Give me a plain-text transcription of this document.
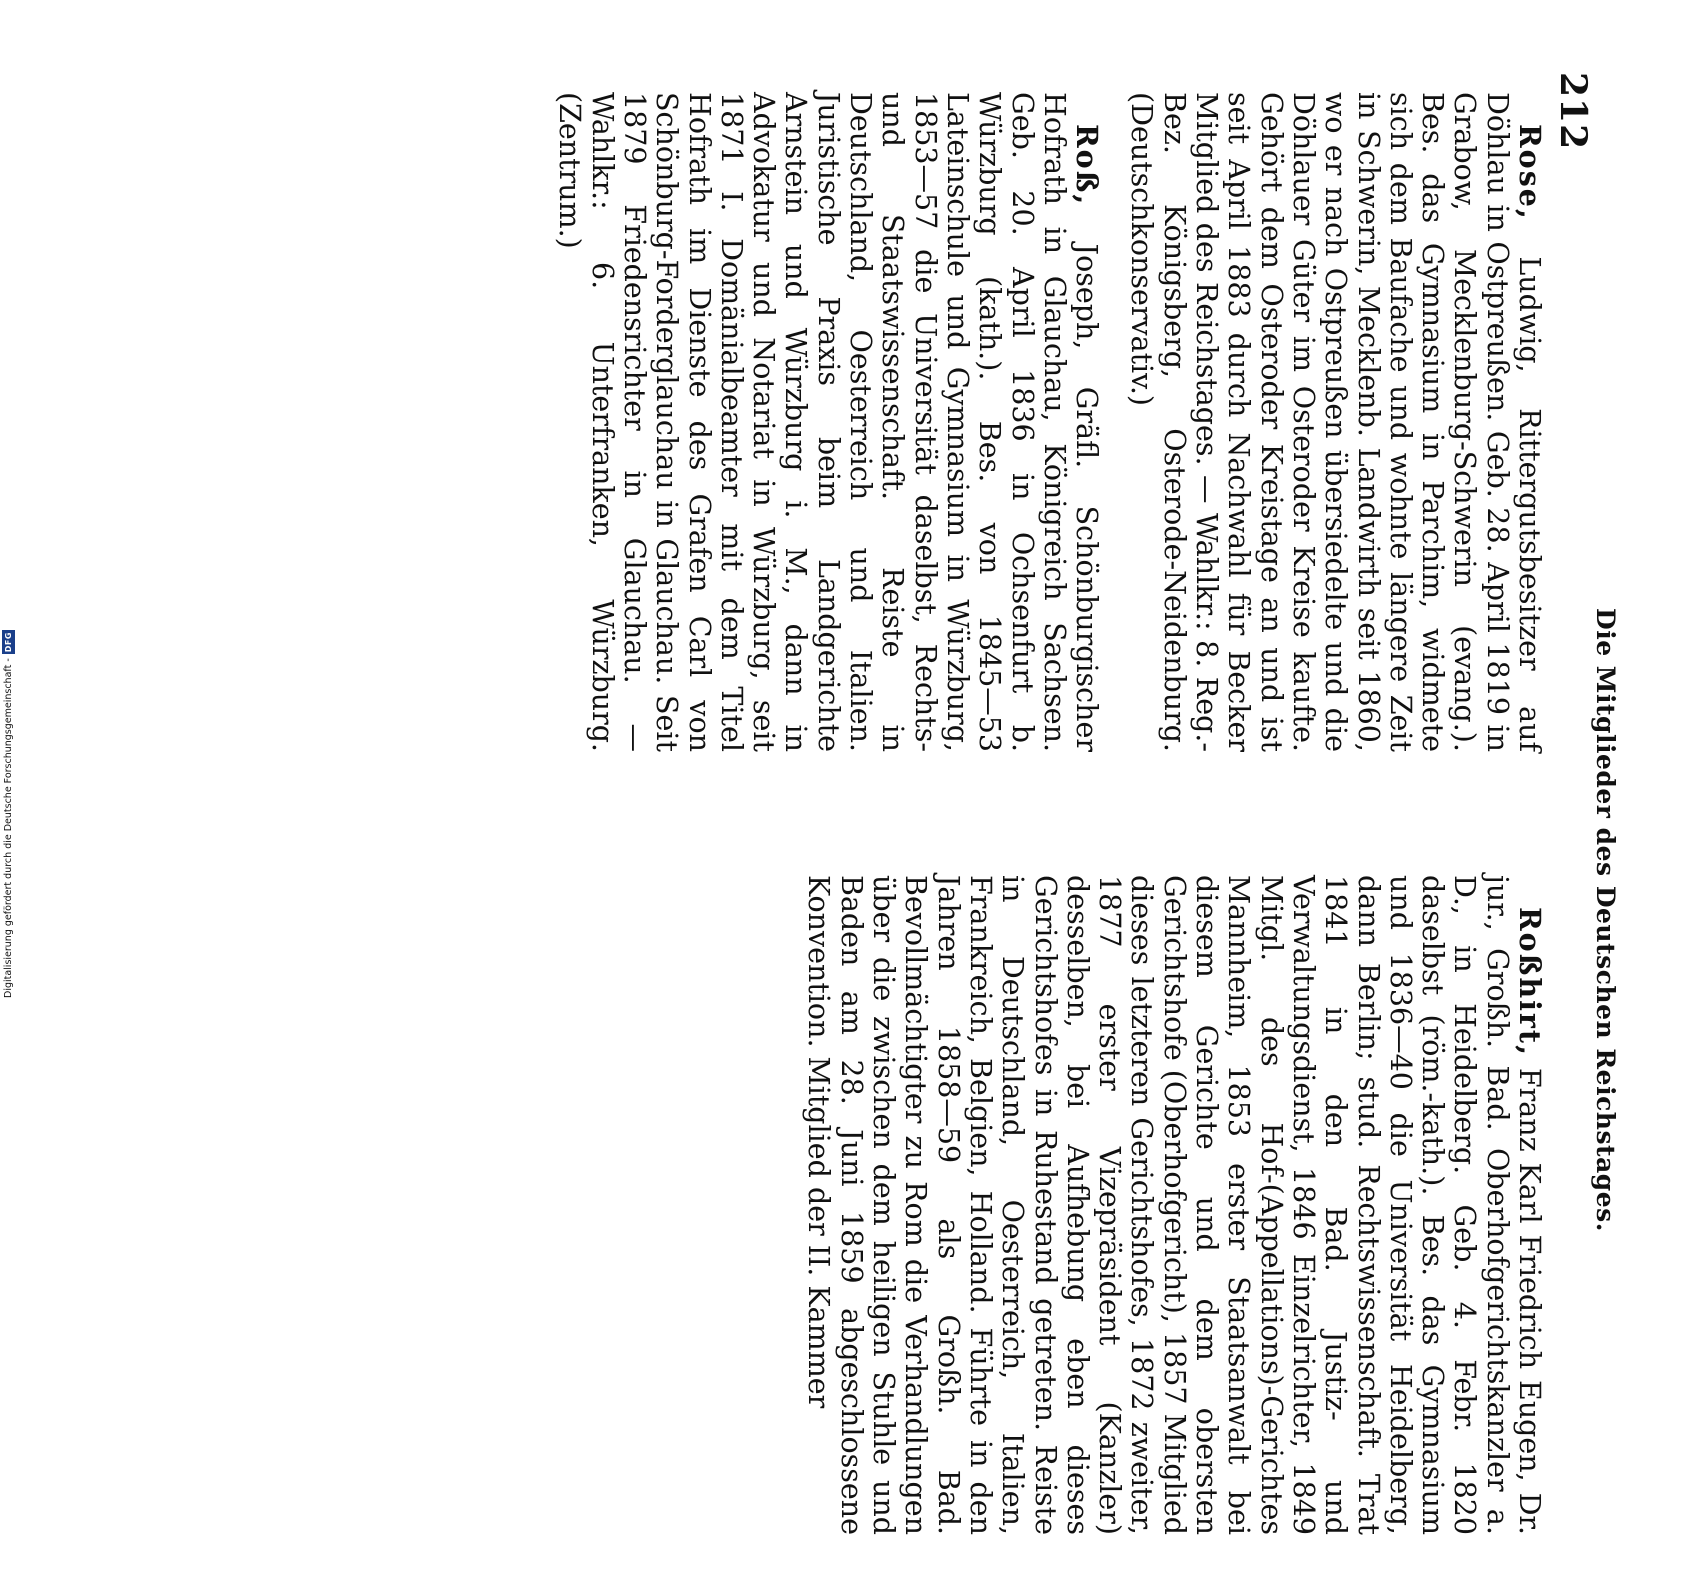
212
Die Mitglieder des Deutschen Reichstages.

Rose, Ludwig, Rittergutsbesitzer auf Döhlau in Ostpreußen. Geb. 28. April 1819 in Grabow, Mecklenburg-Schwerin (evang.). Bes. das Gymnasium in Parchim, widmete sich dem Baufache und wohnte längere Zeit in Schwerin, Mecklenb. Landwirth seit 1860, wo er nach Ostpreußen übersiedelte und die Döhlauer Güter im Osteroder Kreise kaufte. Gehört dem Osteroder Kreistage an und ist seit April 1883 durch Nachwahl für Becker Mitglied des Reichstages. — Wahlkr.: 8. Reg.-Bez. Königsberg, Osterode-Neidenburg. (Deutschkonservativ.)

Roß, Joseph, Gräfl. Schönburgischer Hofrath in Glauchau, Königreich Sachsen. Geb. 20. April 1836 in Ochsenfurt b. Würzburg (kath.). Bes. von 1845—53 Lateinschule und Gymnasium in Würzburg, 1853—57 die Universität daselbst, Rechts- und Staatswissenschaft. Reiste in Deutschland, Oesterreich und Italien. Juristische Praxis beim Landgerichte Arnstein und Würzburg i. M., dann in Advokatur und Notariat in Würzburg, seit 1871 I. Domänialbeamter mit dem Titel Hofrath im Dienste des Grafen Carl von Schönburg-Forderglauchau in Glauchau. Seit 1879 Friedensrichter in Glauchau. — Wahlkr.: 6. Unterfranken, Würzburg. (Zentrum.)

Roßhirt, Franz Karl Friedrich Eugen, Dr. jur., Großh. Bad. Oberhofgerichtskanzler a. D., in Heidelberg. Geb. 4. Febr. 1820 daselbst (röm.-kath.). Bes. das Gymnasium und 1836—40 die Universität Heidelberg, dann Berlin; stud. Rechtswissenschaft. Trat 1841 in den Bad. Justiz- und Verwaltungsdienst, 1846 Einzelrichter, 1849 Mitgl. des Hof-(Appellations)-Gerichtes Mannheim, 1853 erster Staatsanwalt bei diesem Gerichte und dem obersten Gerichtshofe (Oberhofgericht), 1857 Mitglied dieses letzteren Gerichtshofes, 1872 zweiter, 1877 erster Vizepräsident (Kanzler) desselben, bei Aufhebung eben dieses Gerichtshofes in Ruhestand getreten. Reiste in Deutschland, Oesterreich, Italien, Frankreich, Belgien, Holland. Führte in den Jahren 1858—59 als Großh. Bad. Bevollmächtigter zu Rom die Verhandlungen über die zwischen dem heiligen Stuhle und Baden am 28. Juni 1859 abgeschlossene Konvention. Mitglied der II. Kammer

Digitalisierung gefördert durch die Deutsche Forschungsgemeinschaft -
DFG
